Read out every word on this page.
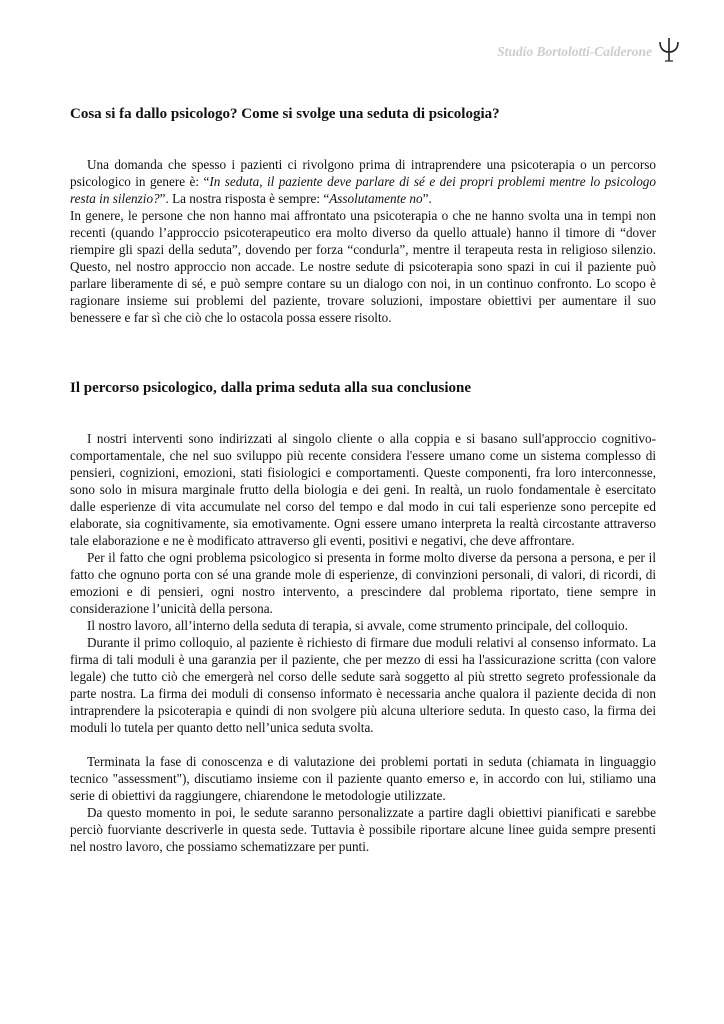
Studio Bortolotti-Calderone
Cosa si fa dallo psicologo? Come si svolge una seduta di psicologia?

Una domanda che spesso i pazienti ci rivolgono prima di intraprendere una psicoterapia o un percorso psicologico in genere è: “In seduta, il paziente deve parlare di sé e dei propri problemi mentre lo psicologo resta in silenzio?”. La nostra risposta è sempre: “Assolutamente no”.

In genere, le persone che non hanno mai affrontato una psicoterapia o che ne hanno svolta una in tempi non recenti (quando l’approccio psicoterapeutico era molto diverso da quello attuale) hanno il timore di “dover riempire gli spazi della seduta”, dovendo per forza “condurla”, mentre il terapeuta resta in religioso silenzio. Questo, nel nostro approccio non accade. Le nostre sedute di psicoterapia sono spazi in cui il paziente può parlare liberamente di sé, e può sempre contare su un dialogo con noi, in un continuo confronto. Lo scopo è ragionare insieme sui problemi del paziente, trovare soluzioni, impostare obiettivi per aumentare il suo benessere e far sì che ciò che lo ostacola possa essere risolto.

Il percorso psicologico, dalla prima seduta alla sua conclusione

I nostri interventi sono indirizzati al singolo cliente o alla coppia e si basano sull'approccio cognitivo-comportamentale, che nel suo sviluppo più recente considera l'essere umano come un sistema complesso di pensieri, cognizioni, emozioni, stati fisiologici e comportamenti. Queste componenti, fra loro interconnesse, sono solo in misura marginale frutto della biologia e dei geni. In realtà, un ruolo fondamentale è esercitato dalle esperienze di vita accumulate nel corso del tempo e dal modo in cui tali esperienze sono percepite ed elaborate, sia cognitivamente, sia emotivamente. Ogni essere umano interpreta la realtà circostante attraverso tale elaborazione e ne è modificato attraverso gli eventi, positivi e negativi, che deve affrontare.

Per il fatto che ogni problema psicologico si presenta in forme molto diverse da persona a persona, e per il fatto che ognuno porta con sé una grande mole di esperienze, di convinzioni personali, di valori, di ricordi, di emozioni e di pensieri, ogni nostro intervento, a prescindere dal problema riportato, tiene sempre in considerazione l’unicità della persona.

Il nostro lavoro, all’interno della seduta di terapia, si avvale, come strumento principale, del colloquio.

Durante il primo colloquio, al paziente è richiesto di firmare due moduli relativi al consenso informato. La firma di tali moduli è una garanzia per il paziente, che per mezzo di essi ha l'assicurazione scritta (con valore legale) che tutto ciò che emergerà nel corso delle sedute sarà soggetto al più stretto segreto professionale da parte nostra. La firma dei moduli di consenso informato è necessaria anche qualora il paziente decida di non intraprendere la psicoterapia e quindi di non svolgere più alcuna ulteriore seduta. In questo caso, la firma dei moduli lo tutela per quanto detto nell’unica seduta svolta.

Terminata la fase di conoscenza e di valutazione dei problemi portati in seduta (chiamata in linguaggio tecnico "assessment"), discutiamo insieme con il paziente quanto emerso e, in accordo con lui, stiliamo una serie di obiettivi da raggiungere, chiarendone le metodologie utilizzate.

Da questo momento in poi, le sedute saranno personalizzate a partire dagli obiettivi pianificati e sarebbe perciò fuorviante descriverle in questa sede. Tuttavia è possibile riportare alcune linee guida sempre presenti nel nostro lavoro, che possiamo schematizzare per punti.
